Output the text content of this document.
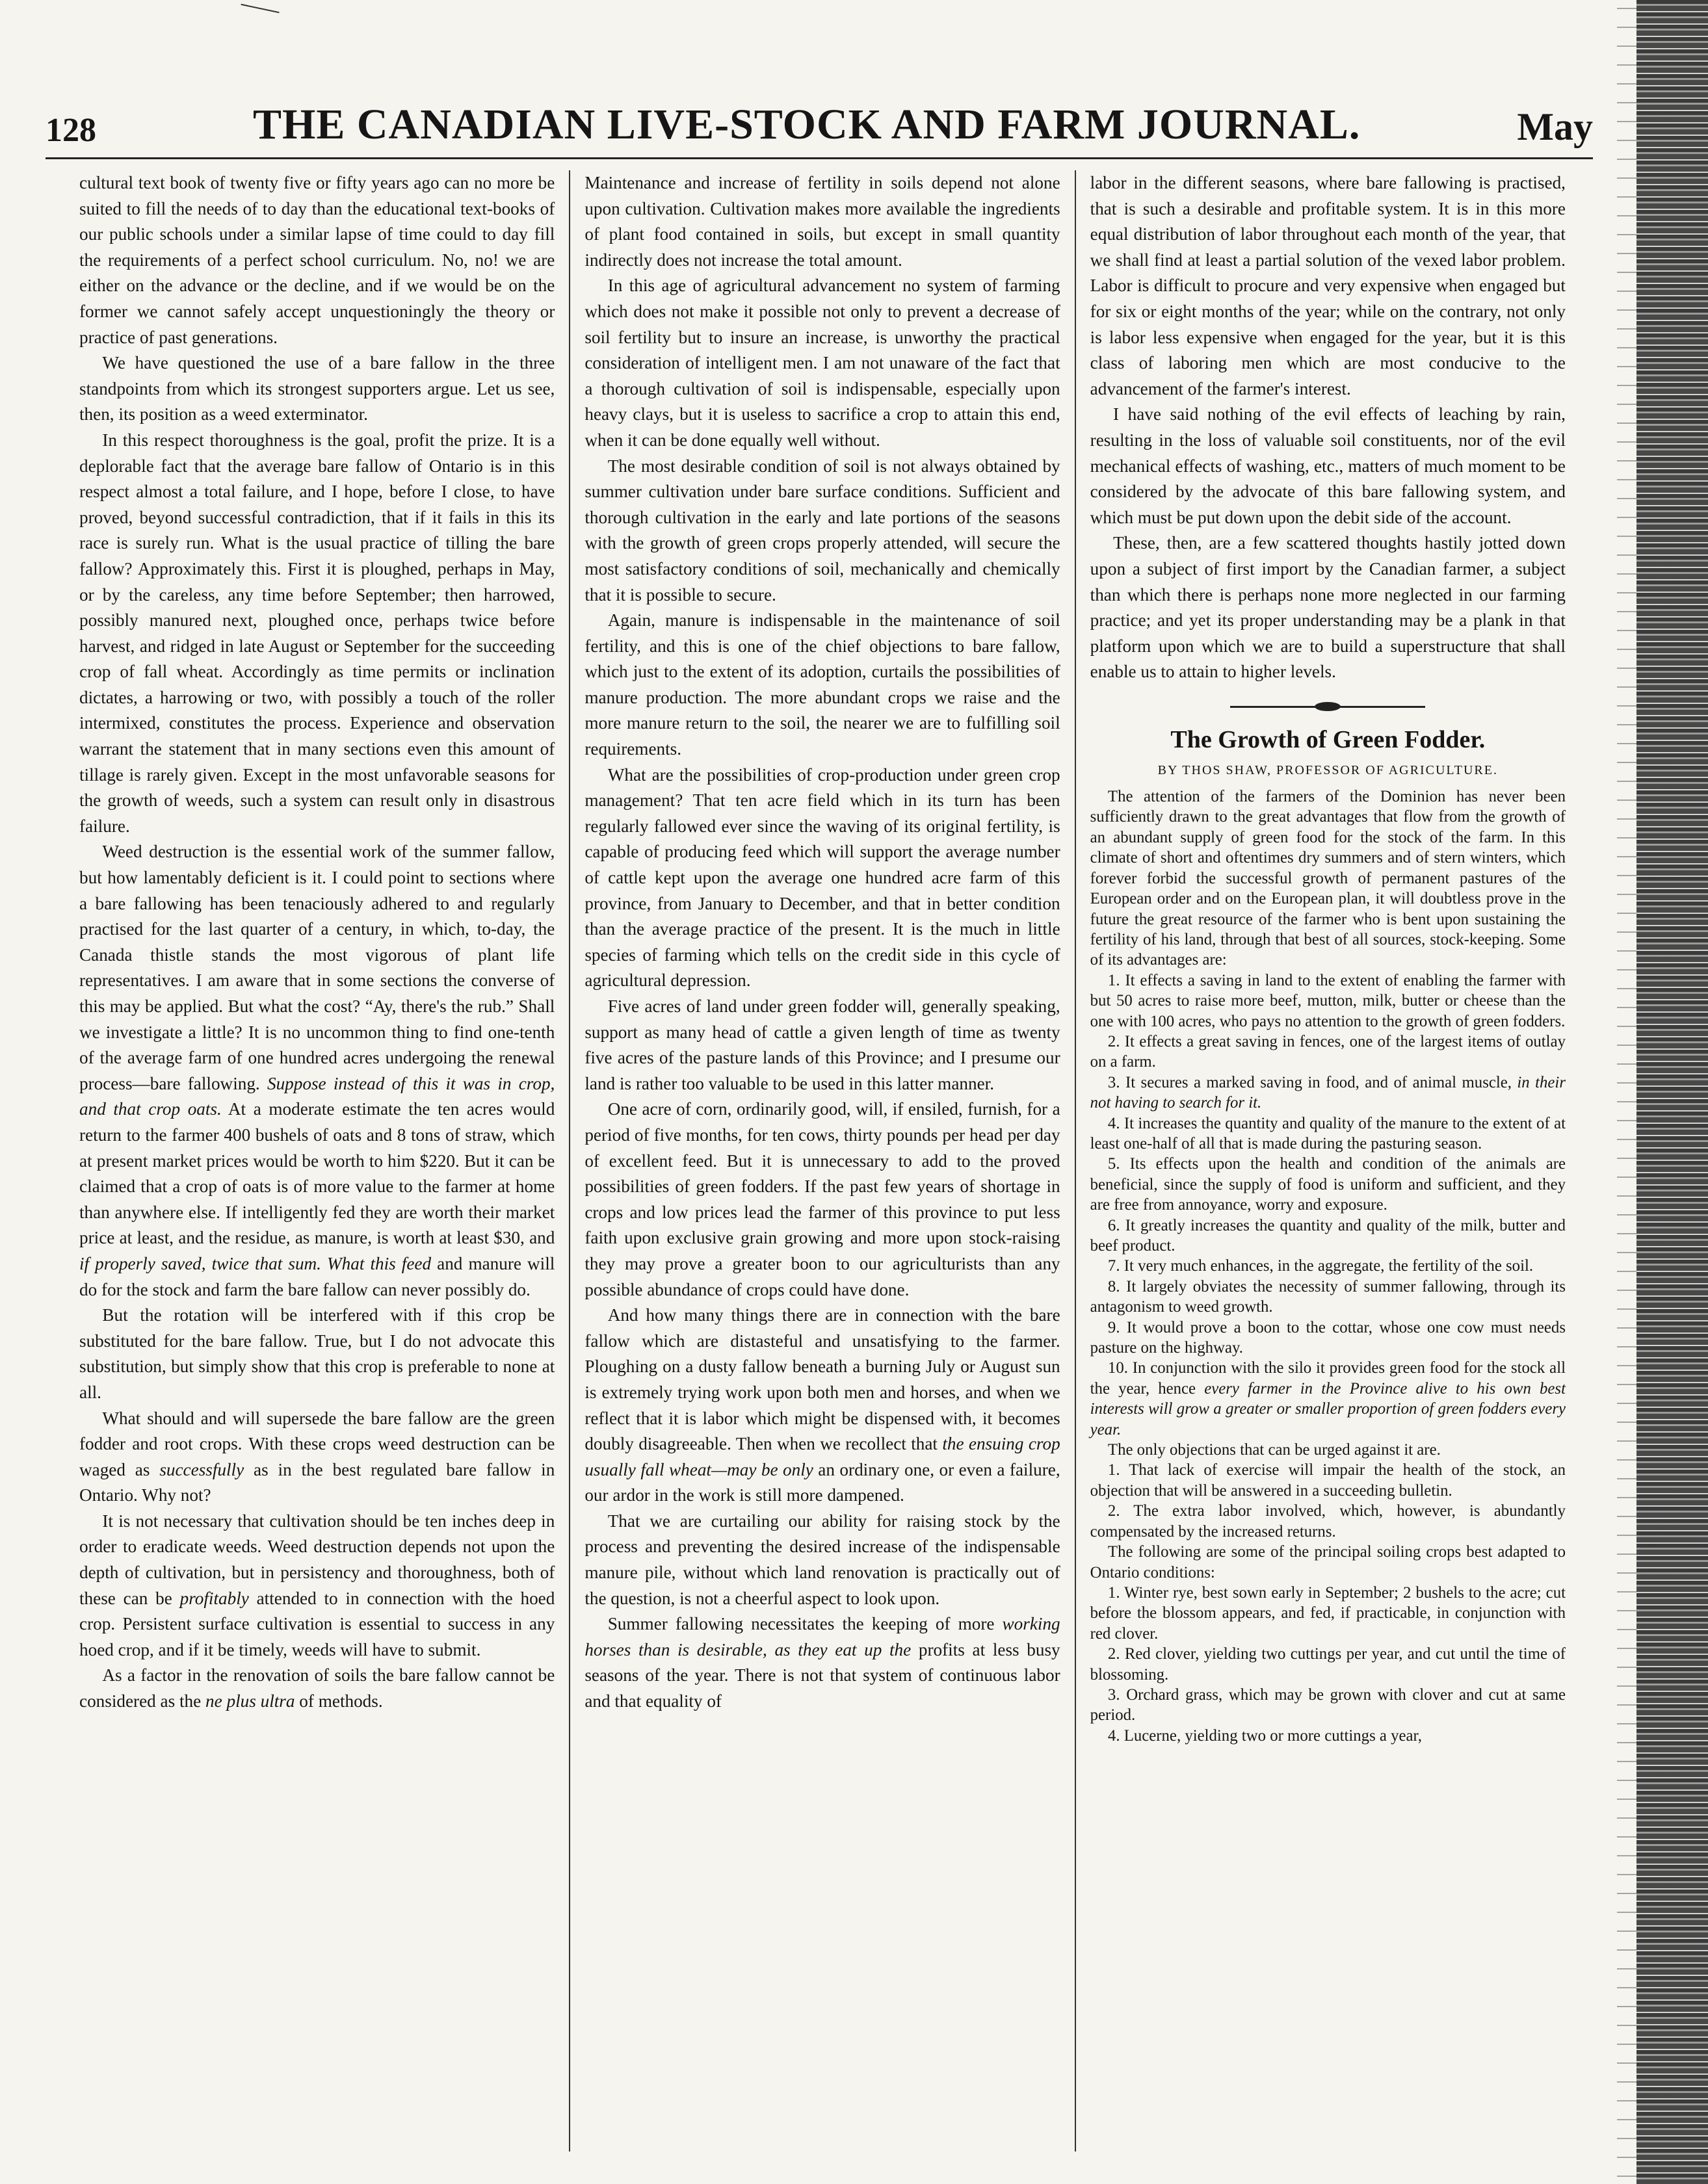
128	THE CANADIAN LIVE-STOCK AND FARM JOURNAL.	May

cultural text book of twenty five or fifty years ago can no more be suited to fill the needs of to day than the educational text-books of our public schools under a similar lapse of time could to day fill the requirements of a perfect school curriculum. No, no! we are either on the advance or the decline, and if we would be on the former we cannot safely accept unquestioningly the theory or practice of past generations.

We have questioned the use of a bare fallow in the three standpoints from which its strongest supporters argue. Let us see, then, its position as a weed exterminator.

In this respect thoroughness is the goal, profit the prize. It is a deplorable fact that the average bare fallow of Ontario is in this respect almost a total failure, and I hope, before I close, to have proved, beyond successful contradiction, that if it fails in this its race is surely run. What is the usual practice of tilling the bare fallow? Approximately this. First it is ploughed, perhaps in May, or by the careless, any time before September; then harrowed, possibly manured next, ploughed once, perhaps twice before harvest, and ridged in late August or September for the succeeding crop of fall wheat. Accordingly as time permits or inclination dictates, a harrowing or two, with possibly a touch of the roller intermixed, constitutes the process. Experience and observation warrant the statement that in many sections even this amount of tillage is rarely given. Except in the most unfavorable seasons for the growth of weeds, such a system can result only in disastrous failure.

Weed destruction is the essential work of the summer fallow, but how lamentably deficient is it. I could point to sections where a bare fallowing has been tenaciously adhered to and regularly practised for the last quarter of a century, in which, to-day, the Canada thistle stands the most vigorous of plant life representatives. I am aware that in some sections the converse of this may be applied. But what the cost? “Ay, there's the rub.” Shall we investigate a little? It is no uncommon thing to find one-tenth of the average farm of one hundred acres undergoing the renewal process—bare fallowing. Suppose instead of this it was in crop, and that crop oats. At a moderate estimate the ten acres would return to the farmer 400 bushels of oats and 8 tons of straw, which at present market prices would be worth to him $220. But it can be claimed that a crop of oats is of more value to the farmer at home than anywhere else. If intelligently fed they are worth their market price at least, and the residue, as manure, is worth at least $30, and if properly saved, twice that sum. What this feed and manure will do for the stock and farm the bare fallow can never possibly do.

But the rotation will be interfered with if this crop be substituted for the bare fallow. True, but I do not advocate this substitution, but simply show that this crop is preferable to none at all.

What should and will supersede the bare fallow are the green fodder and root crops. With these crops weed destruction can be waged as successfully as in the best regulated bare fallow in Ontario. Why not?

It is not necessary that cultivation should be ten inches deep in order to eradicate weeds. Weed destruction depends not upon the depth of cultivation, but in persistency and thoroughness, both of these can be profitably attended to in connection with the hoed crop. Persistent surface cultivation is essential to success in any hoed crop, and if it be timely, weeds will have to submit.

As a factor in the renovation of soils the bare fallow cannot be considered as the ne plus ultra of methods.

Maintenance and increase of fertility in soils depend not alone upon cultivation. Cultivation makes more available the ingredients of plant food contained in soils, but except in small quantity indirectly does not increase the total amount.

In this age of agricultural advancement no system of farming which does not make it possible not only to prevent a decrease of soil fertility but to insure an increase, is unworthy the practical consideration of intelligent men. I am not unaware of the fact that a thorough cultivation of soil is indispensable, especially upon heavy clays, but it is useless to sacrifice a crop to attain this end, when it can be done equally well without.

The most desirable condition of soil is not always obtained by summer cultivation under bare surface conditions. Sufficient and thorough cultivation in the early and late portions of the seasons with the growth of green crops properly attended, will secure the most satisfactory conditions of soil, mechanically and chemically that it is possible to secure.

Again, manure is indispensable in the maintenance of soil fertility, and this is one of the chief objections to bare fallow, which just to the extent of its adoption, curtails the possibilities of manure production. The more abundant crops we raise and the more manure return to the soil, the nearer we are to fulfilling soil requirements.

What are the possibilities of crop-production under green crop management? That ten acre field which in its turn has been regularly fallowed ever since the waving of its original fertility, is capable of producing feed which will support the average number of cattle kept upon the average one hundred acre farm of this province, from January to December, and that in better condition than the average practice of the present. It is the much in little species of farming which tells on the credit side in this cycle of agricultural depression.

Five acres of land under green fodder will, generally speaking, support as many head of cattle a given length of time as twenty five acres of the pasture lands of this Province; and I presume our land is rather too valuable to be used in this latter manner.

One acre of corn, ordinarily good, will, if ensiled, furnish, for a period of five months, for ten cows, thirty pounds per head per day of excellent feed. But it is unnecessary to add to the proved possibilities of green fodders. If the past few years of shortage in crops and low prices lead the farmer of this province to put less faith upon exclusive grain growing and more upon stock-raising they may prove a greater boon to our agriculturists than any possible abundance of crops could have done.

And how many things there are in connection with the bare fallow which are distasteful and unsatisfying to the farmer. Ploughing on a dusty fallow beneath a burning July or August sun is extremely trying work upon both men and horses, and when we reflect that it is labor which might be dispensed with, it becomes doubly disagreeable. Then when we recollect that the ensuing crop usually fall wheat—may be only an ordinary one, or even a failure, our ardor in the work is still more dampened.

That we are curtailing our ability for raising stock by the process and preventing the desired increase of the indispensable manure pile, without which land renovation is practically out of the question, is not a cheerful aspect to look upon.

Summer fallowing necessitates the keeping of more working horses than is desirable, as they eat up the profits at less busy seasons of the year. There is not that system of continuous labor and that equality of

labor in the different seasons, where bare fallowing is practised, that is such a desirable and profitable system. It is in this more equal distribution of labor throughout each month of the year, that we shall find at least a partial solution of the vexed labor problem. Labor is difficult to procure and very expensive when engaged but for six or eight months of the year; while on the contrary, not only is labor less expensive when engaged for the year, but it is this class of laboring men which are most conducive to the advancement of the farmer's interest.

I have said nothing of the evil effects of leaching by rain, resulting in the loss of valuable soil constituents, nor of the evil mechanical effects of washing, etc., matters of much moment to be considered by the advocate of this bare fallowing system, and which must be put down upon the debit side of the account.

These, then, are a few scattered thoughts hastily jotted down upon a subject of first import by the Canadian farmer, a subject than which there is perhaps none more neglected in our farming practice; and yet its proper understanding may be a plank in that platform upon which we are to build a superstructure that shall enable us to attain to higher levels.

The Growth of Green Fodder.
BY THOS SHAW, PROFESSOR OF AGRICULTURE.

The attention of the farmers of the Dominion has never been sufficiently drawn to the great advantages that flow from the growth of an abundant supply of green food for the stock of the farm. In this climate of short and oftentimes dry summers and of stern winters, which forever forbid the successful growth of permanent pastures of the European order and on the European plan, it will doubtless prove in the future the great resource of the farmer who is bent upon sustaining the fertility of his land, through that best of all sources, stock-keeping. Some of its advantages are:

1. It effects a saving in land to the extent of enabling the farmer with but 50 acres to raise more beef, mutton, milk, butter or cheese than the one with 100 acres, who pays no attention to the growth of green fodders.

2. It effects a great saving in fences, one of the largest items of outlay on a farm.

3. It secures a marked saving in food, and of animal muscle, in their not having to search for it.

4. It increases the quantity and quality of the manure to the extent of at least one-half of all that is made during the pasturing season.

5. Its effects upon the health and condition of the animals are beneficial, since the supply of food is uniform and sufficient, and they are free from annoyance, worry and exposure.

6. It greatly increases the quantity and quality of the milk, butter and beef product.

7. It very much enhances, in the aggregate, the fertility of the soil.

8. It largely obviates the necessity of summer fallowing, through its antagonism to weed growth.

9. It would prove a boon to the cottar, whose one cow must needs pasture on the highway.

10. In conjunction with the silo it provides green food for the stock all the year, hence every farmer in the Province alive to his own best interests will grow a greater or smaller proportion of green fodders every year.

The only objections that can be urged against it are.

1. That lack of exercise will impair the health of the stock, an objection that will be answered in a succeeding bulletin.

2. The extra labor involved, which, however, is abundantly compensated by the increased returns.

The following are some of the principal soiling crops best adapted to Ontario conditions:

1. Winter rye, best sown early in September; 2 bushels to the acre; cut before the blossom appears, and fed, if practicable, in conjunction with red clover.

2. Red clover, yielding two cuttings per year, and cut until the time of blossoming.

3. Orchard grass, which may be grown with clover and cut at same period.

4. Lucerne, yielding two or more cuttings a year,
